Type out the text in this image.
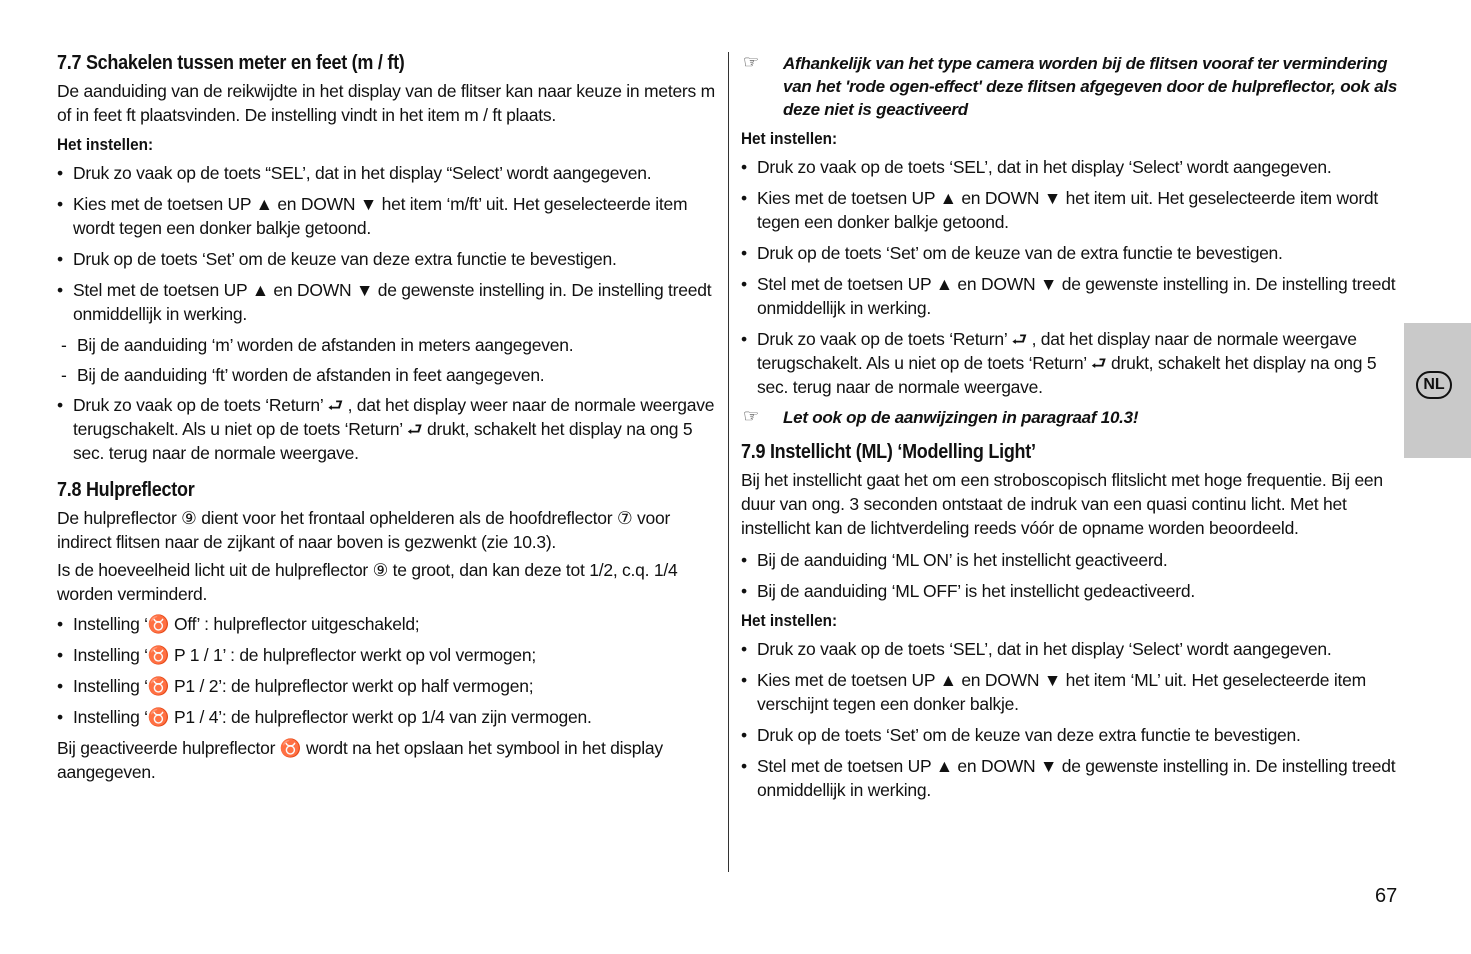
7.7 Schakelen tussen meter en feet (m / ft)

De aanduiding van de reikwijdte in het display van de flitser kan naar keuze in meters m of in feet ft plaatsvinden. De instelling vindt in het item m / ft plaats.

Het instellen:
• Druk zo vaak op de toets “SEL’, dat in het display “Select’ wordt aangegeven.
• Kies met de toetsen UP ▲ en DOWN ▼ het item ‘m/ft’ uit. Het geselecteerde item wordt tegen een donker balkje getoond.
• Druk op de toets ‘Set’ om de keuze van deze extra functie te bevestigen.
• Stel met de toetsen UP ▲ en DOWN ▼ de gewenste instelling in. De instelling treedt onmiddellijk in werking.
- Bij de aanduiding ‘m’ worden de afstanden in meters aangegeven.
- Bij de aanduiding ‘ft’ worden de afstanden in feet aangegeven.
• Druk zo vaak op de toets ‘Return’ ⮐ , dat het display weer naar de normale weergave terugschakelt. Als u niet op de toets ‘Return’ ⮐ drukt, schakelt het display na ong 5 sec. terug naar de normale weergave.
7.8 Hulpreflector

De hulpreflector ⑨ dient voor het frontaal ophelderen als de hoofdreflector ⑦ voor indirect flitsen naar de zijkant of naar boven is gezwenkt (zie 10.3).

Is de hoeveelheid licht uit de hulpreflector ⑨ te groot, dan kan deze tot 1/2, c.q. 1/4 worden verminderd.

• Instelling ‘♉ Off’ : hulpreflector uitgeschakeld;
• Instelling ‘♉ P 1 / 1’ : de hulpreflector werkt op vol vermogen;
• Instelling ‘♉ P1 / 2’: de hulpreflector werkt op half vermogen;
• Instelling ‘♉ P1 / 4’: de hulpreflector werkt op 1/4 van zijn vermogen.

Bij geactiveerde hulpreflector ♉ wordt na het opslaan het symbool in het display aangegeven.

☞ Afhankelijk van het type camera worden bij de flitsen vooraf ter vermindering van het 'rode ogen-effect' deze flitsen afgegeven door de hulpreflector, ook als deze niet is geactiveerd
Het instellen:
• Druk zo vaak op de toets ‘SEL’, dat in het display ‘Select’ wordt aangegeven.
• Kies met de toetsen UP ▲ en DOWN ▼ het item uit. Het geselecteerde item wordt tegen een donker balkje getoond.
• Druk op de toets ‘Set’ om de keuze van de extra functie te bevestigen.
• Stel met de toetsen UP ▲ en DOWN ▼ de gewenste instelling in. De instelling treedt onmiddellijk in werking.
• Druk zo vaak op de toets ‘Return’ ⮐ , dat het display naar de normale weergave terugschakelt. Als u niet op de toets ‘Return’ ⮐ drukt, schakelt het display na ong 5 sec. terug naar de normale weergave.
☞ Let ook op de aanwijzingen in paragraaf 10.3!
7.9 Instellicht (ML) ‘Modelling Light’

Bij het instellicht gaat het om een stroboscopisch flitslicht met hoge frequentie. Bij een duur van ong. 3 seconden ontstaat de indruk van een quasi continu licht. Met het instellicht kan de lichtverdeling reeds vóór de opname worden beoordeeld.

• Bij de aanduiding ‘ML ON’ is het instellicht geactiveerd.
• Bij de aanduiding ‘ML OFF’ is het instellicht gedeactiveerd.
Het instellen:
• Druk zo vaak op de toets ‘SEL’, dat in het display ‘Select’ wordt aangegeven.
• Kies met de toetsen UP ▲ en DOWN ▼ het item ‘ML’ uit. Het geselecteerde item verschijnt tegen een donker balkje.
• Druk op de toets ‘Set’ om de keuze van deze extra functie te bevestigen.
• Stel met de toetsen UP ▲ en DOWN ▼ de gewenste instelling in. De instelling treedt onmiddellijk in werking.
NL
67
